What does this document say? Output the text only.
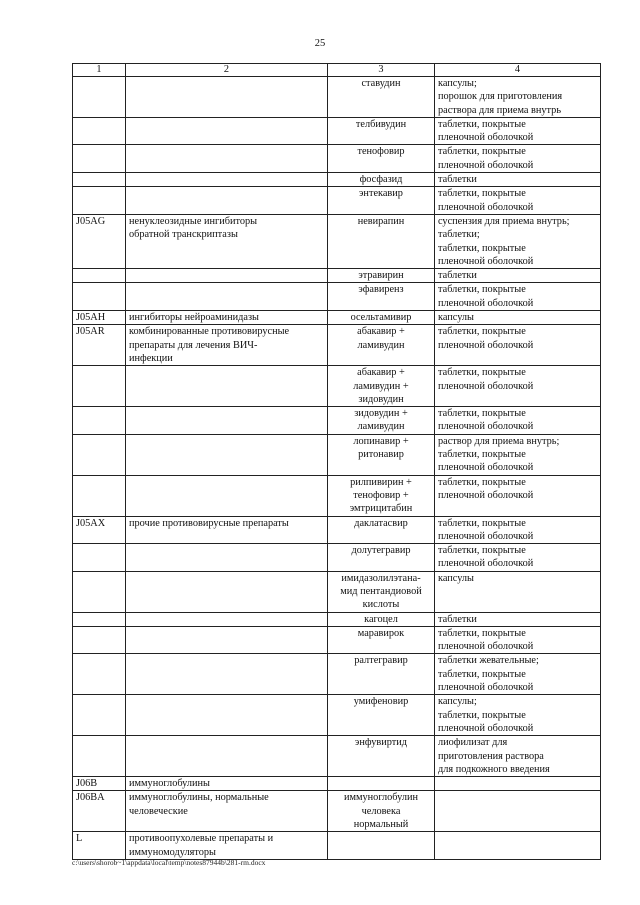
25
1	2	3	4
		ставудин	капсулы;
порошок для приготовления раствора для приема внутрь
		телбивудин	таблетки, покрытые
пленочной оболочкой
		тенофовир	таблетки, покрытые
пленочной оболочкой
		фосфазид	таблетки
		энтекавир	таблетки, покрытые
пленочной оболочкой
J05AG	ненуклеозидные ингибиторы
обратной транскриптазы	невирапин	суспензия для приема внутрь;
таблетки;
таблетки, покрытые
пленочной оболочкой
		этравирин	таблетки
		эфавиренз	таблетки, покрытые
пленочной оболочкой
J05AH	ингибиторы нейроаминидазы	осельтамивир	капсулы
J05AR	комбинированные противовирусные
препараты для лечения ВИЧ-
инфекции	абакавир +
ламивудин	таблетки, покрытые
пленочной оболочкой
		абакавир +
ламивудин +
зидовудин	таблетки, покрытые
пленочной оболочкой
		зидовудин +
ламивудин	таблетки, покрытые
пленочной оболочкой
		лопинавир +
ритонавир	раствор для приема внутрь;
таблетки, покрытые
пленочной оболочкой
		рилпивирин +
тенофовир +
эмтрицитабин	таблетки, покрытые
пленочной оболочкой
J05AX	прочие противовирусные препараты	даклатасвир	таблетки, покрытые
пленочной оболочкой
		долутегравир	таблетки, покрытые
пленочной оболочкой
		имидазолилэтана-
мид пентандиовой
кислоты	капсулы
		кагоцел	таблетки
		маравирок	таблетки, покрытые
пленочной оболочкой
		ралтегравир	таблетки жевательные;
таблетки, покрытые
пленочной оболочкой
		умифеновир	капсулы;
таблетки, покрытые
пленочной оболочкой
		энфувиртид	лиофилизат для
приготовления раствора
для подкожного введения
J06B	иммуноглобулины		
J06BA	иммуноглобулины, нормальные
человеческие	иммуноглобулин
человека
нормальный	
L	противоопухолевые препараты и
иммуномодуляторы		
c:\users\shorob~1\appdata\local\temp\notes87944b\281-rm.docx
